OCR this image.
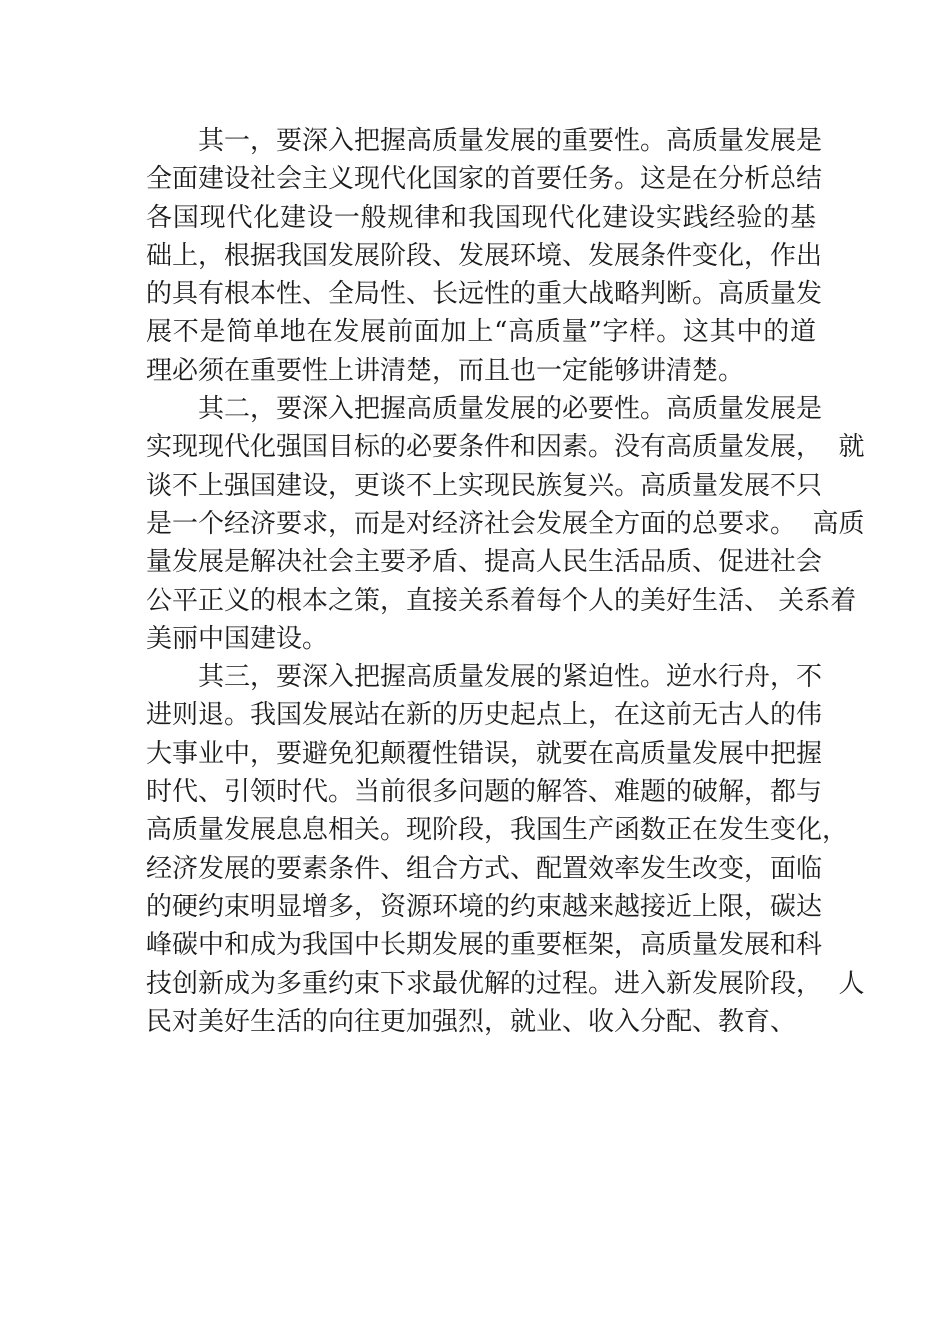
其一，要深入把握高质量发展的重要性。高质量发展是
全面建设社会主义现代化国家的首要任务。这是在分析总结
各国现代化建设一般规律和我国现代化建设实践经验的基
础上，根据我国发展阶段、发展环境、发展条件变化，作出
的具有根本性、全局性、长远性的重大战略判断。高质量发
展不是简单地在发展前面加上“高质量”字样。这其中的道
理必须在重要性上讲清楚，而且也一定能够讲清楚。
其二，要深入把握高质量发展的必要性。高质量发展是
实现现代化强国目标的必要条件和因素。没有高质量发展，  就
谈不上强国建设，更谈不上实现民族复兴。高质量发展不只
是一个经济要求，而是对经济社会发展全方面的总要求。  高质
量发展是解决社会主要矛盾、提高人民生活品质、促进社会
公平正义的根本之策，直接关系着每个人的美好生活、 关系着
美丽中国建设。
其三，要深入把握高质量发展的紧迫性。逆水行舟，不
进则退。我国发展站在新的历史起点上，在这前无古人的伟
大事业中，要避免犯颠覆性错误，就要在高质量发展中把握
时代、引领时代。当前很多问题的解答、难题的破解，都与
高质量发展息息相关。现阶段，我国生产函数正在发生变化，
经济发展的要素条件、组合方式、配置效率发生改变，面临
的硬约束明显增多，资源环境的约束越来越接近上限，碳达
峰碳中和成为我国中长期发展的重要框架，高质量发展和科
技创新成为多重约束下求最优解的过程。进入新发展阶段，  人
民对美好生活的向往更加强烈，就业、收入分配、教育、
